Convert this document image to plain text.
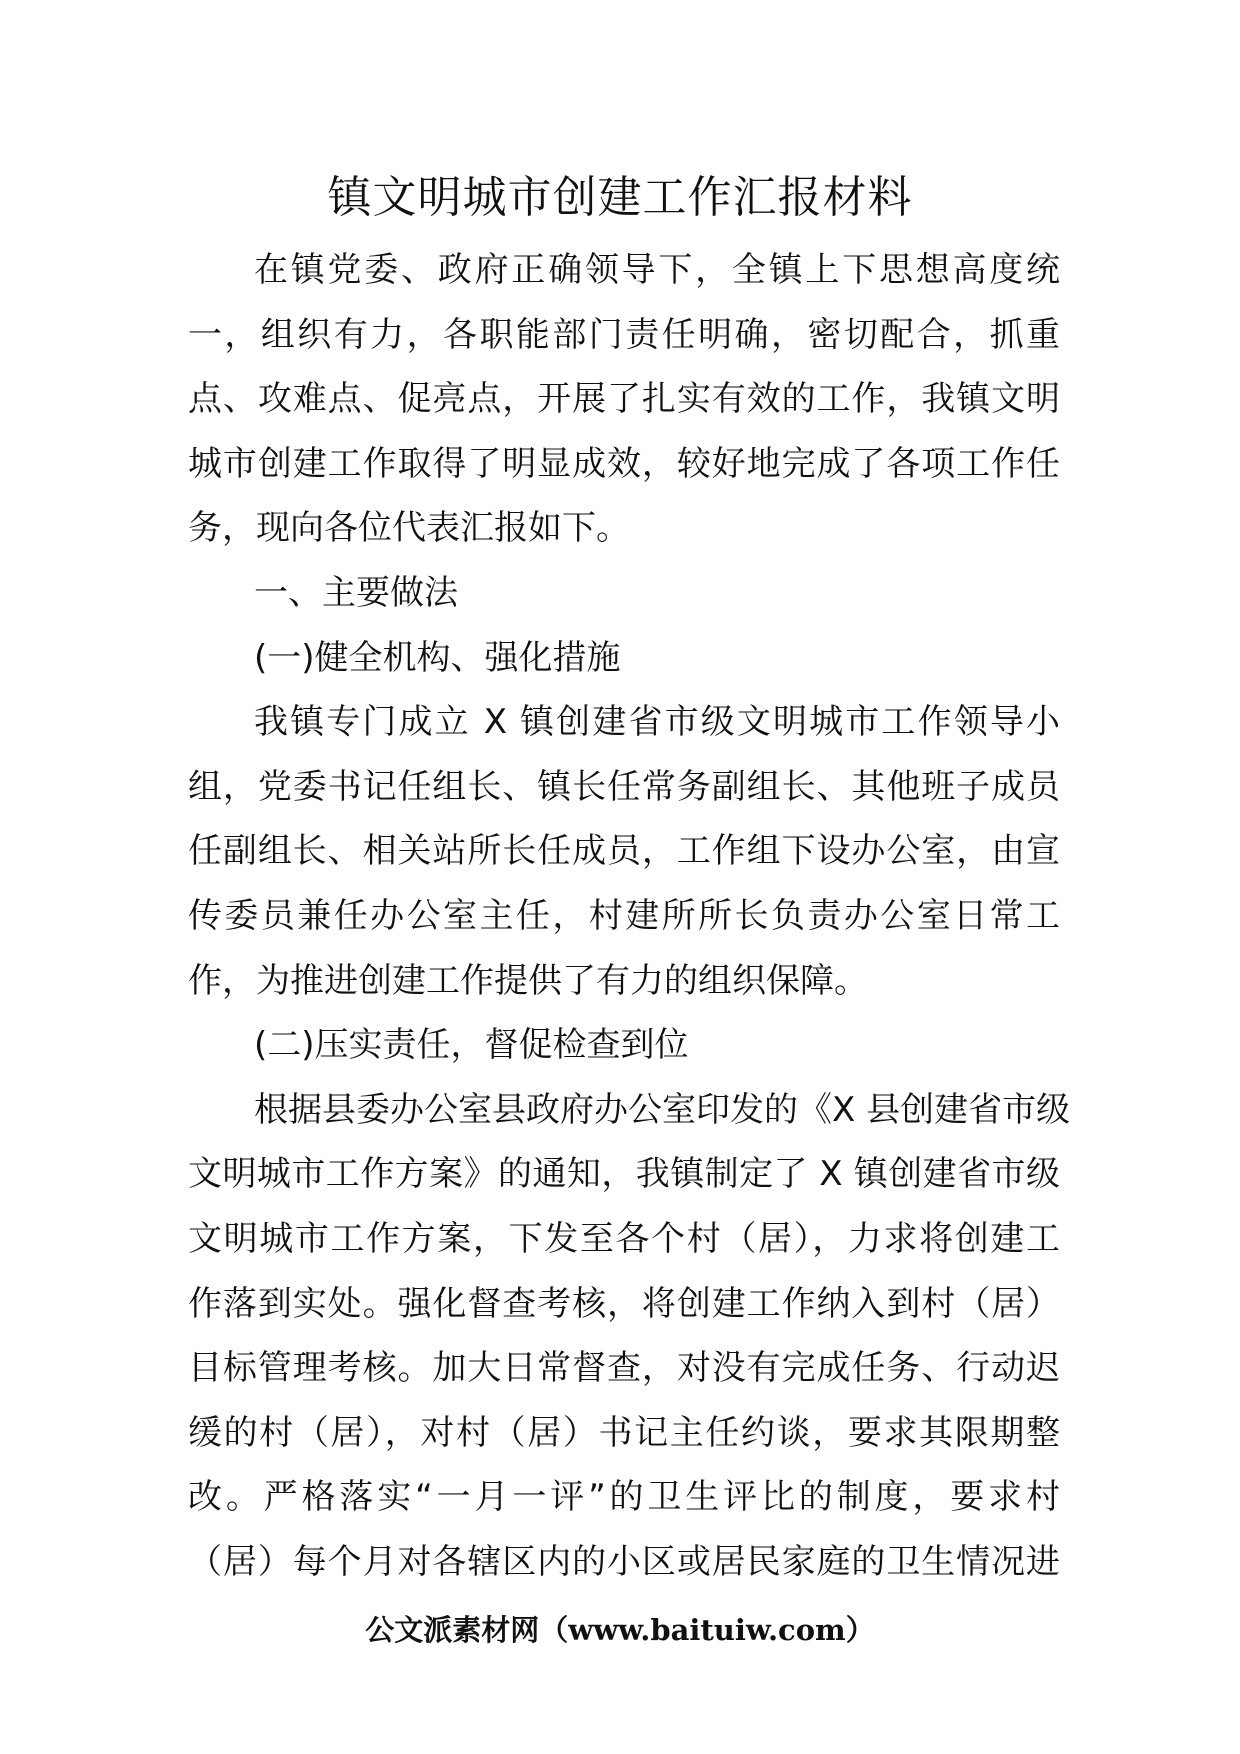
镇文明城市创建工作汇报材料
在镇党委、政府正确领导下，全镇上下思想高度统
一，组织有力，各职能部门责任明确，密切配合，抓重
点、攻难点、促亮点，开展了扎实有效的工作，我镇文明
城市创建工作取得了明显成效，较好地完成了各项工作任
务，现向各位代表汇报如下。
一、主要做法
(一)健全机构、强化措施
我镇专门成立 X 镇创建省市级文明城市工作领导小
组，党委书记任组长、镇长任常务副组长、其他班子成员
任副组长、相关站所长任成员，工作组下设办公室，由宣
传委员兼任办公室主任，村建所所长负责办公室日常工
作，为推进创建工作提供了有力的组织保障。
(二)压实责任，督促检查到位
根据县委办公室县政府办公室印发的《X 县创建省市级
文明城市工作方案》的通知，我镇制定了 X 镇创建省市级
文明城市工作方案，下发至各个村（居），力求将创建工
作落到实处。强化督查考核，将创建工作纳入到村（居）
目标管理考核。加大日常督查，对没有完成任务、行动迟
缓的村（居），对村（居）书记主任约谈，要求其限期整
改。严格落实“一月一评”的卫生评比的制度，要求村
（居）每个月对各辖区内的小区或居民家庭的卫生情况进
公文派素材网（www.baituiw.com）
